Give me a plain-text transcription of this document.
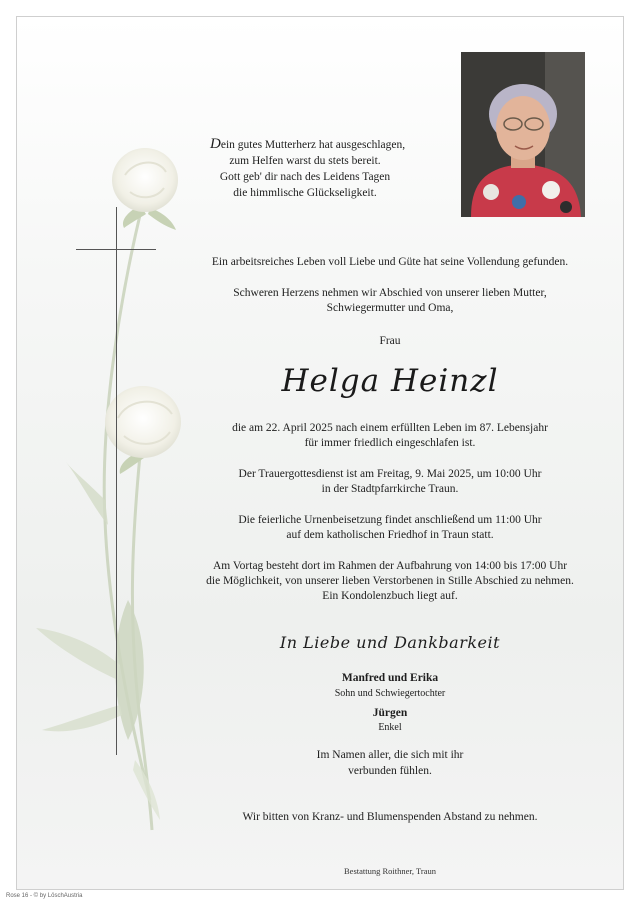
Dein gutes Mutterherz hat ausgeschlagen,
zum Helfen warst du stets bereit.
Gott geb' dir nach des Leidens Tagen
die himmlische Glückseligkeit.
Ein arbeitsreiches Leben voll Liebe und Güte hat seine Vollendung gefunden.
Schweren Herzens nehmen wir Abschied von unserer lieben Mutter,
Schwiegermutter und Oma,
Frau
Helga Heinzl
die am 22. April 2025 nach einem erfüllten Leben im 87. Lebensjahr
für immer friedlich eingeschlafen ist.
Der Trauergottesdienst ist am Freitag, 9. Mai 2025, um 10:00 Uhr
in der Stadtpfarrkirche Traun.
Die feierliche Urnenbeisetzung findet anschließend um 11:00 Uhr
auf dem katholischen Friedhof in Traun statt.
Am Vortag besteht dort im Rahmen der Aufbahrung von 14:00 bis 17:00 Uhr
die Möglichkeit, von unserer lieben Verstorbenen in Stille Abschied zu nehmen.
Ein Kondolenzbuch liegt auf.
In Liebe und Dankbarkeit
Manfred und Erika
Sohn und Schwiegertochter
Jürgen
Enkel
Im Namen aller, die sich mit ihr
verbunden fühlen.
Wir bitten von Kranz- und Blumenspenden Abstand zu nehmen.
Bestattung Roithner, Traun
Rose 16 - © by LöschAustria
